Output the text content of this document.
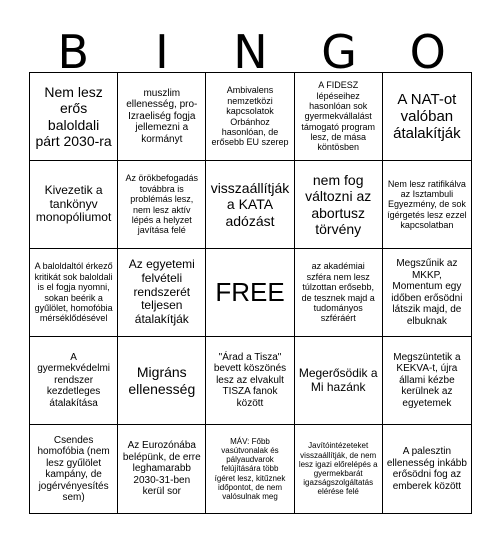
B	I	N	G	O
Nem lesz erős baloldali párt 2030-ra
muszlim ellenesség, pro-Izraeliség fogja jellemezni a kormányt
Ambivalens nemzetközi kapcsolatok Orbánhoz hasonlóan, de erősebb EU szerep
A FIDESZ lépéseihez hasonlóan sok gyermekvállalást támogató program lesz, de mása köntösben
A NAT-ot valóban átalakítják
Kivezetik a tankönyv monopóliumot
Az örökbefogadás továbbra is problémás lesz, nem lesz aktív lépés a helyzet javítása felé
visszaállítják a KATA adózást
nem fog változni az abortusz törvény
Nem lesz ratifikálva az Isztambuli Egyezmény, de sok ígérgetés lesz ezzel kapcsolatban
A baloldaltól érkező kritikát sok baloldali is el fogja nyomni, sokan beérik a gyűlölet, homofóbia mérséklődésével
Az egyetemi felvételi rendszerét teljesen átalakítják
FREE
az akadémiai szféra nem lesz túlzottan erősebb, de tesznek majd a tudományos szféráért
Megszűnik az MKKP, Momentum egy időben erősödni látszik majd, de elbuknak
A gyermekvédelmi rendszer kezdetleges átalakítása
Migráns ellenesség
"Árad a Tisza" bevett köszönés lesz az elvakult TISZA fanok között
Megerősödik a Mi hazánk
Megszüntetik a KEKVA-t, újra állami kézbe kerülnek az egyetemek
Csendes homofóbia (nem lesz gyűlölet kampány, de jogérvényesítés sem)
Az Eurozónába belépünk, de erre leghamarabb 2030-31-ben kerül sor
MÁV: Főbb vasútvonalak és pályaudvarok felújítására több ígéret lesz, kitűznek időpontot, de nem valósulnak meg
Javítóintézeteket visszaállítják, de nem lesz igazi előrelépés a gyermekbarát igazságszolgáltatás elérése felé
A palesztin ellenesség inkább erősödni fog az emberek között
